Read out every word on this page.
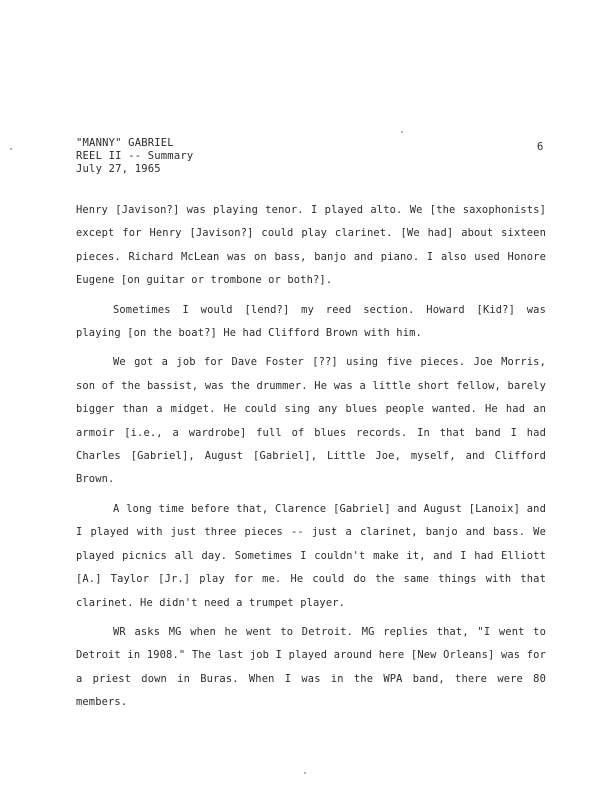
"MANNY" GABRIEL
REEL II -- Summary
July 27, 1965
6

Henry [Javison?] was playing tenor. I played alto. We [the saxophonists] except for Henry [Javison?] could play clarinet. [We had] about sixteen pieces. Richard McLean was on bass, banjo and piano. I also used Honore Eugene [on guitar or trombone or both?].

Sometimes I would [lend?] my reed section. Howard [Kid?] was playing [on the boat?] He had Clifford Brown with him.

We got a job for Dave Foster [??] using five pieces. Joe Morris, son of the bassist, was the drummer. He was a little short fellow, barely bigger than a midget. He could sing any blues people wanted. He had an armoir [i.e., a wardrobe] full of blues records. In that band I had Charles [Gabriel], August [Gabriel], Little Joe, myself, and Clifford Brown.

A long time before that, Clarence [Gabriel] and August [Lanoix] and I played with just three pieces -- just a clarinet, banjo and bass. We played picnics all day. Sometimes I couldn't make it, and I had Elliott [A.] Taylor [Jr.] play for me. He could do the same things with that clarinet. He didn't need a trumpet player.

WR asks MG when he went to Detroit. MG replies that, "I went to Detroit in 1908." The last job I played around here [New Orleans] was for a priest down in Buras. When I was in the WPA band, there were 80 members.
